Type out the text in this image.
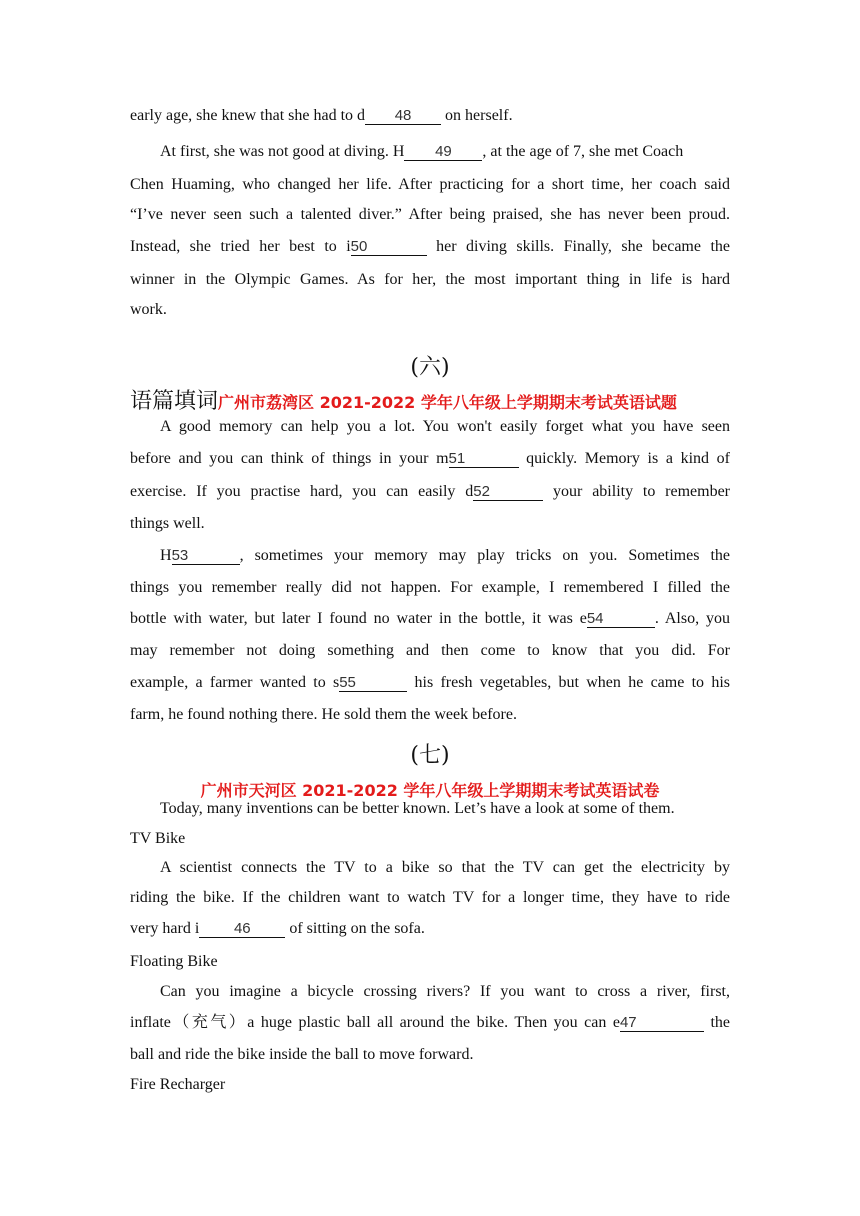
early age, she knew that she had to d 48 on herself.
At first, she was not good at diving. H 49 , at the age of 7, she met Coach
Chen Huaming, who changed her life. After practicing for a short time, her coach said
“I’ve never seen such a talented diver.” After being praised, she has never been proud.
Instead, she tried her best to i50	her diving skills. Finally, she became the
winner in the Olympic Games. As for her, the most important thing in life is hard
work.
(六)
语篇填词广州市荔湾区 2021-2022 学年八年级上学期期末考试英语试题
A good memory can help you a lot. You won't easily forget what you have seen
before and you can think of things in your m51	quickly. Memory is a kind of
exercise. If you practise hard, you can easily d52	your ability to remember
things well.
H53	, sometimes your memory may play tricks on you. Sometimes the
things you remember really did not happen. For example, I remembered I filled the
bottle with water, but later I found no water in the bottle, it was e54	. Also, you
may remember not doing something and then come to know that you did. For
example, a farmer wanted to s55	his fresh vegetables, but when he came to his
farm, he found nothing there. He sold them the week before.
(七)
广州市天河区 2021-2022 学年八年级上学期期末考试英语试卷
Today, many inventions can be better known. Let’s have a look at some of them.
TV Bike
A scientist connects the TV to a bike so that the TV can get the electricity by
riding the bike. If the children want to watch TV for a longer time, they have to ride
very hard i 46 of sitting on the sofa.
Floating Bike
Can you imagine a bicycle crossing rivers? If you want to cross a river, first,
inflate（充气）a huge plastic ball all around the bike. Then you can e47	the
ball and ride the bike inside the ball to move forward.
Fire Recharger
